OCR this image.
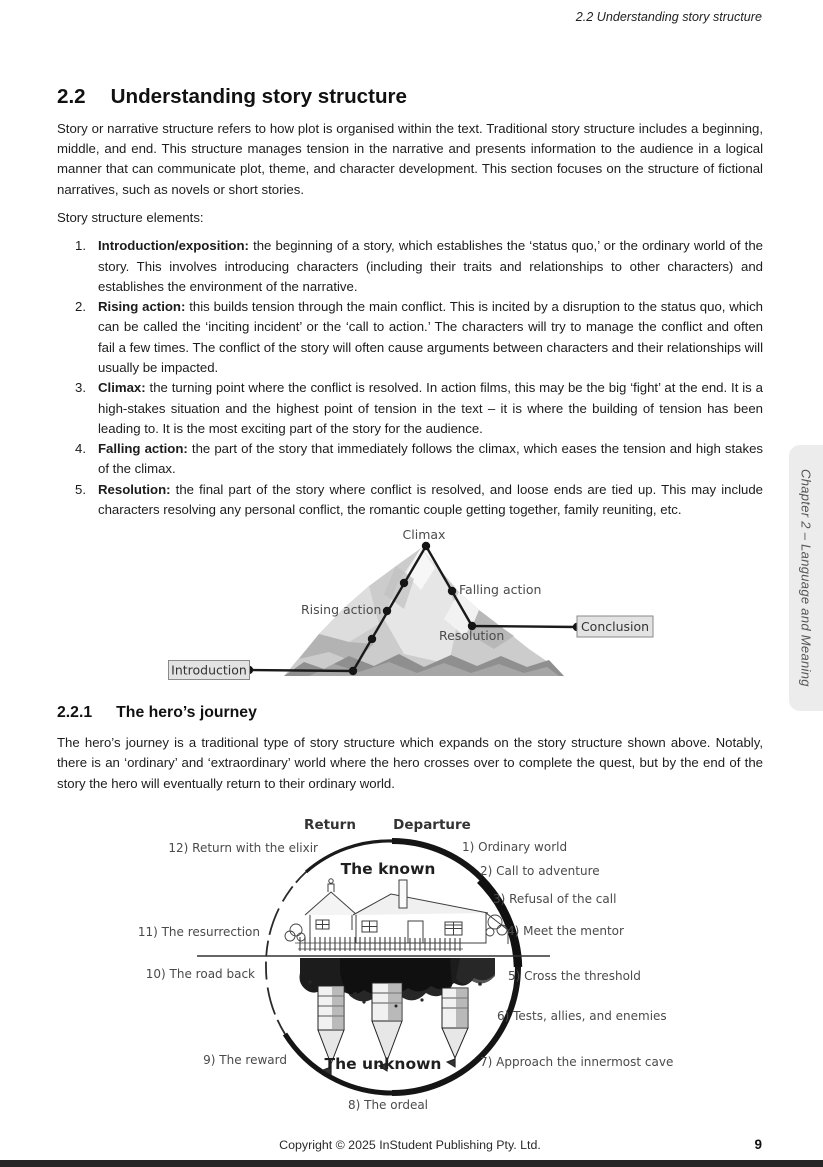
2.2 Understanding story structure
2.2 Understanding story structure

Story or narrative structure refers to how plot is organised within the text. Traditional story structure includes a beginning, middle, and end. This structure manages tension in the narrative and presents information to the audience in a logical manner that can communicate plot, theme, and character development. This section focuses on the structure of fictional narratives, such as novels or short stories.

Story structure elements:

1. Introduction/exposition: the beginning of a story, which establishes the ‘status quo,’ or the ordinary world of the story. This involves introducing characters (including their traits and relationships to other characters) and establishes the environment of the narrative.
2. Rising action: this builds tension through the main conflict. This is incited by a disruption to the status quo, which can be called the ‘inciting incident’ or the ‘call to action.’ The characters will try to manage the conflict and often fail a few times. The conflict of the story will often cause arguments between characters and their relationships will usually be impacted.
3. Climax: the turning point where the conflict is resolved. In action films, this may be the big ‘fight’ at the end. It is a high-stakes situation and the highest point of tension in the text – it is where the building of tension has been leading to. It is the most exciting part of the story for the audience.
4. Falling action: the part of the story that immediately follows the climax, which eases the tension and high stakes of the climax.
5. Resolution: the final part of the story where conflict is resolved, and loose ends are tied up. This may include characters resolving any personal conflict, the romantic couple getting together, family reuniting, etc.
Introduction
Conclusion
Climax
Falling action
Rising action
Resolution
2.2.1 The hero’s journey

The hero’s journey is a traditional type of story structure which expands on the story structure shown above. Notably, there is an ‘ordinary’ and ‘extraordinary’ world where the hero crosses over to complete the quest, but by the end of the story the hero will eventually return to their ordinary world.

Return	Departure
The known
The unknown
12) Return with the elixir	1) Ordinary world
2) Call to adventure
3) Refusal of the call
4) Meet the mentor
11) The resurrection
10) The road back	5) Cross the threshold
6) Tests, allies, and enemies
9) The reward	7) Approach the innermost cave
8) The ordeal
Chapter 2 – Language and Meaning
Copyright © 2025 InStudent Publishing Pty. Ltd.	9
